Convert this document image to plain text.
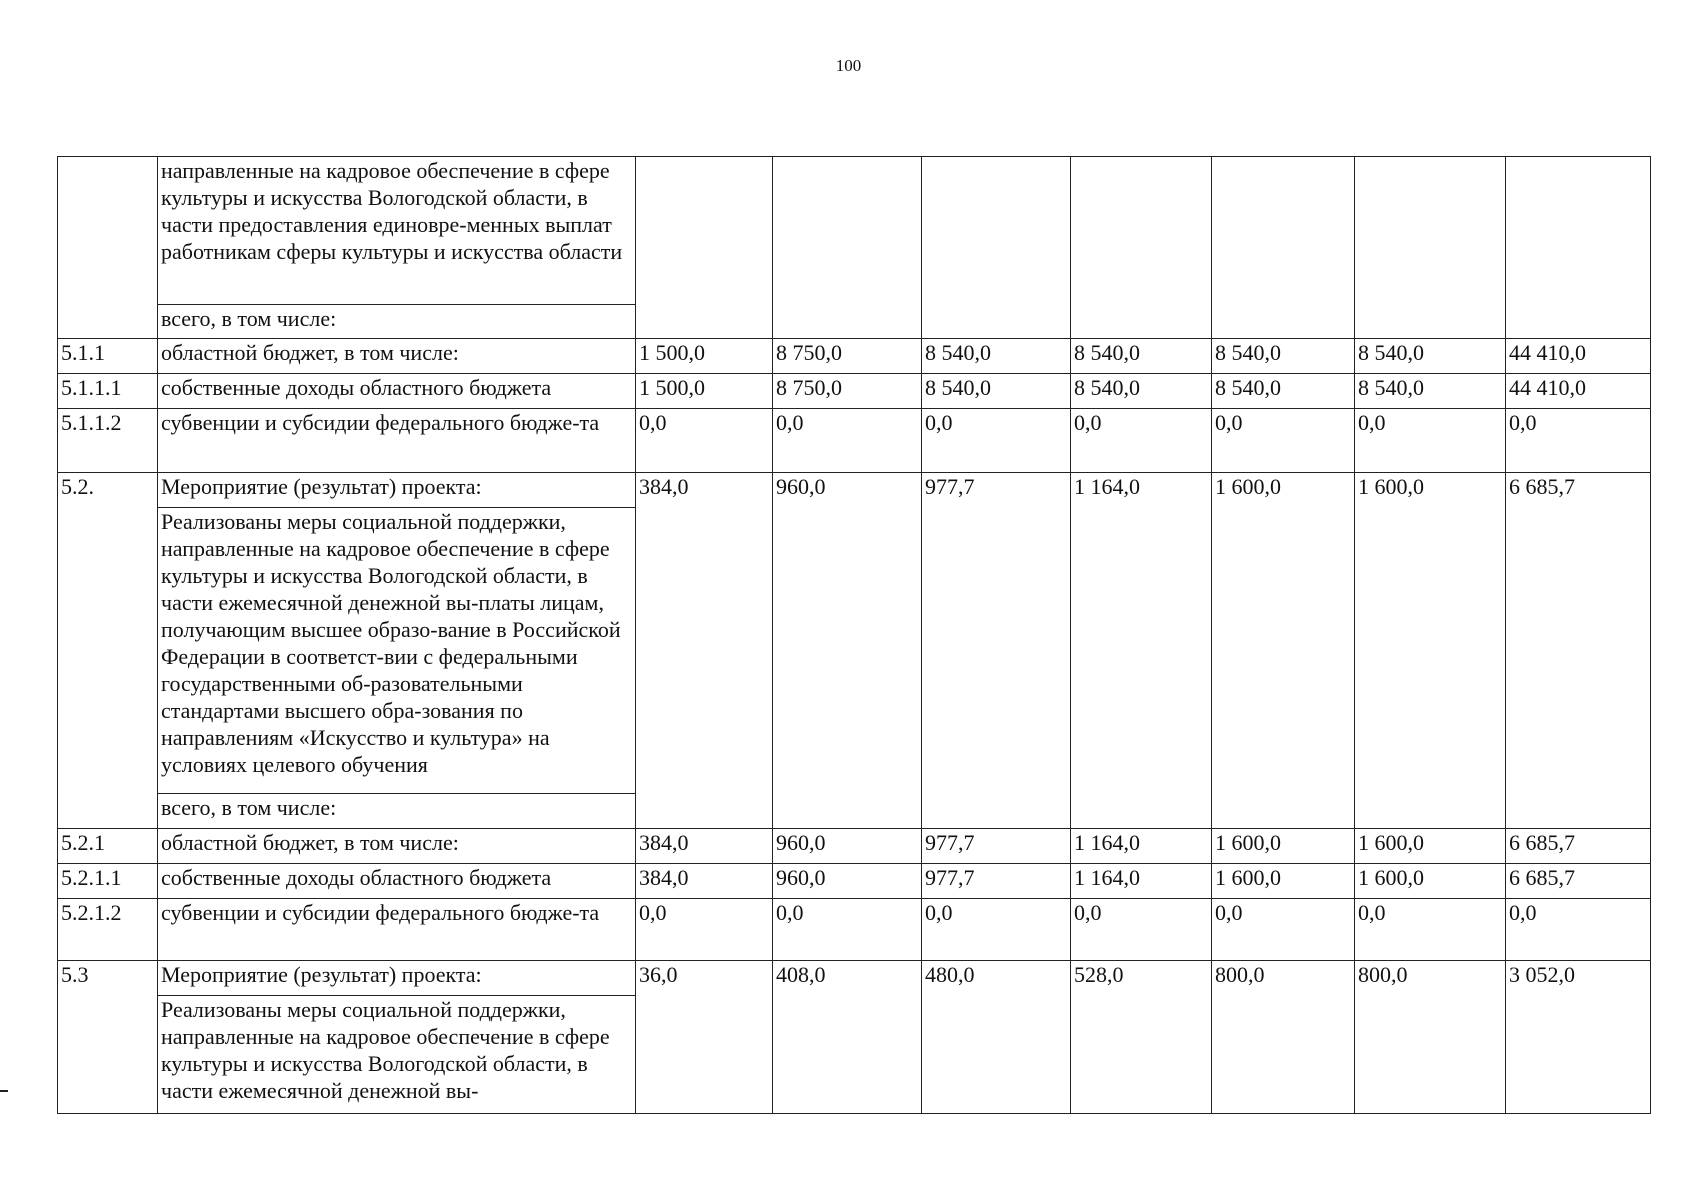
100
	направленные на кадровое обеспечение в сфере культуры и искусства Вологодской области, в части предоставления единовре-менных выплат работникам сферы культуры и искусства области							
	всего, в том числе:							
5.1.1	областной бюджет, в том числе:	1 500,0	8 750,0	8 540,0	8 540,0	8 540,0	8 540,0	44 410,0
5.1.1.1	собственные доходы областного бюджета	1 500,0	8 750,0	8 540,0	8 540,0	8 540,0	8 540,0	44 410,0
5.1.1.2	субвенции и субсидии федерального бюдже-та	0,0	0,0	0,0	0,0	0,0	0,0	0,0
5.2.	Мероприятие (результат) проекта:	384,0	960,0	977,7	1 164,0	1 600,0	1 600,0	6 685,7
	Реализованы меры социальной поддержки, направленные на кадровое обеспечение в сфере культуры и искусства Вологодской области, в части ежемесячной денежной вы-платы лицам, получающим высшее образо-вание в Российской Федерации в соответст-вии с федеральными государственными об-разовательными стандартами высшего обра-зования по направлениям «Искусство и культура» на условиях целевого обучения							
	всего, в том числе:							
5.2.1	областной бюджет, в том числе:	384,0	960,0	977,7	1 164,0	1 600,0	1 600,0	6 685,7
5.2.1.1	собственные доходы областного бюджета	384,0	960,0	977,7	1 164,0	1 600,0	1 600,0	6 685,7
5.2.1.2	субвенции и субсидии федерального бюдже-та	0,0	0,0	0,0	0,0	0,0	0,0	0,0
5.3	Мероприятие (результат) проекта:	36,0	408,0	480,0	528,0	800,0	800,0	3 052,0
	Реализованы меры социальной поддержки, направленные на кадровое обеспечение в сфере культуры и искусства Вологодской области, в части ежемесячной денежной вы-							
